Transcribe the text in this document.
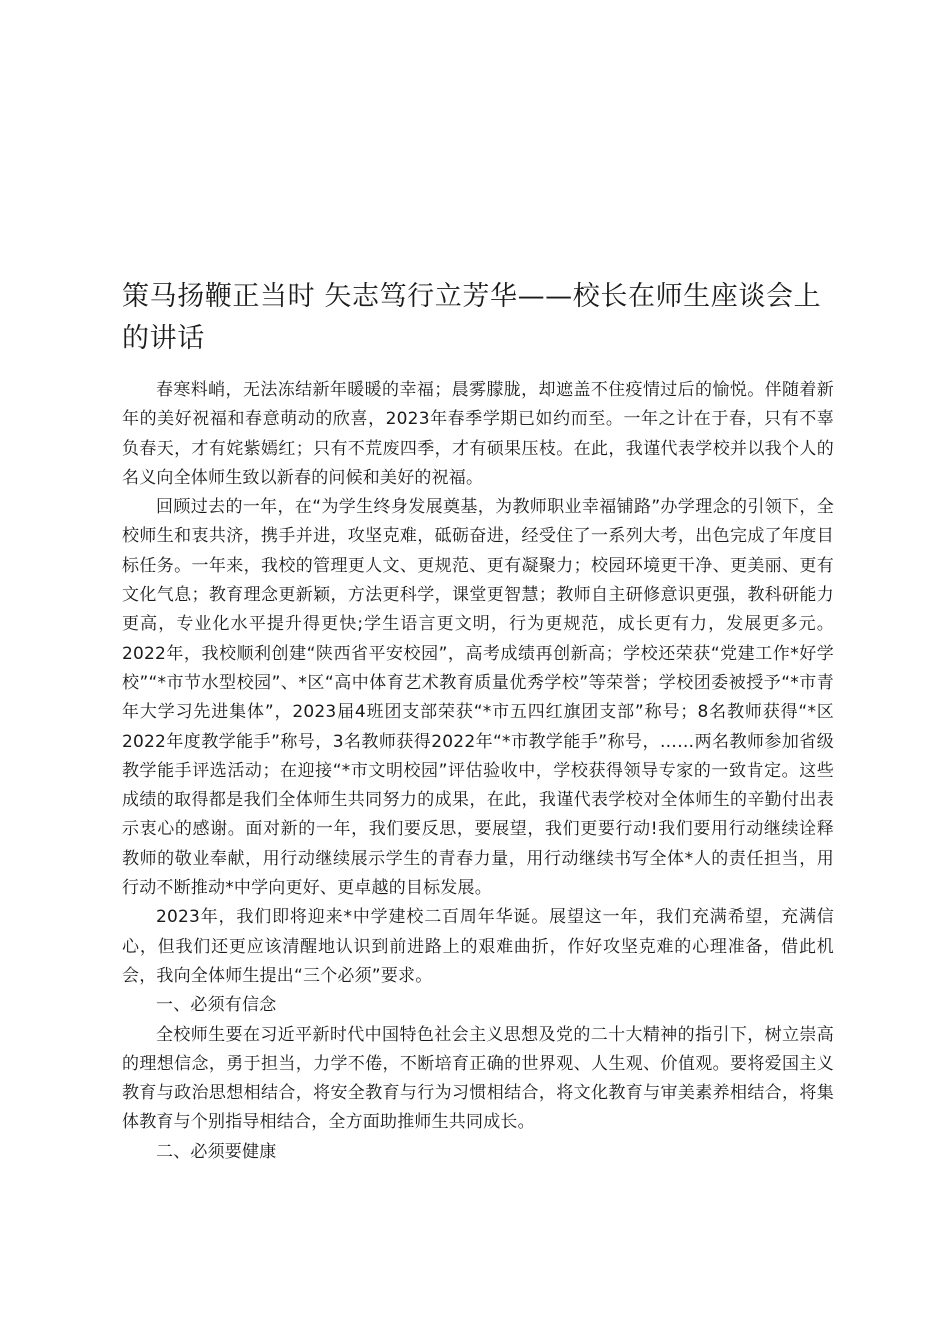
策马扬鞭正当时 矢志笃行立芳华——校长在师生座谈会上的讲话

春寒料峭，无法冻结新年暖暖的幸福；晨雾朦胧，却遮盖不住疫情过后的愉悦。伴随着新年的美好祝福和春意萌动的欣喜，2023年春季学期已如约而至。一年之计在于春，只有不辜负春天，才有姹紫嫣红；只有不荒废四季，才有硕果压枝。在此，我谨代表学校并以我个人的名义向全体师生致以新春的问候和美好的祝福。

回顾过去的一年，在“为学生终身发展奠基，为教师职业幸福铺路”办学理念的引领下，全校师生和衷共济，携手并进，攻坚克难，砥砺奋进，经受住了一系列大考，出色完成了年度目标任务。一年来，我校的管理更人文、更规范、更有凝聚力；校园环境更干净、更美丽、更有文化气息；教育理念更新颖，方法更科学，课堂更智慧；教师自主研修意识更强，教科研能力更高，专业化水平提升得更快;学生语言更文明，行为更规范，成长更有力，发展更多元。2022年，我校顺利创建“陕西省平安校园”，高考成绩再创新高；学校还荣获“党建工作*好学校”“*市节水型校园”、*区“高中体育艺术教育质量优秀学校”等荣誉；学校团委被授予“*市青年大学习先进集体”，2023届4班团支部荣获“*市五四红旗团支部”称号；8名教师获得“*区2022年度教学能手”称号，3名教师获得2022年“*市教学能手”称号，……两名教师参加省级教学能手评选活动；在迎接“*市文明校园”评估验收中，学校获得领导专家的一致肯定。这些成绩的取得都是我们全体师生共同努力的成果，在此，我谨代表学校对全体师生的辛勤付出表示衷心的感谢。面对新的一年，我们要反思，要展望，我们更要行动!我们要用行动继续诠释教师的敬业奉献，用行动继续展示学生的青春力量，用行动继续书写全体*人的责任担当，用行动不断推动*中学向更好、更卓越的目标发展。

2023年，我们即将迎来*中学建校二百周年华诞。展望这一年，我们充满希望，充满信心，但我们还更应该清醒地认识到前进路上的艰难曲折，作好攻坚克难的心理准备，借此机会，我向全体师生提出“三个必须”要求。

一、必须有信念

全校师生要在习近平新时代中国特色社会主义思想及党的二十大精神的指引下，树立崇高的理想信念，勇于担当，力学不倦，不断培育正确的世界观、人生观、价值观。要将爱国主义教育与政治思想相结合，将安全教育与行为习惯相结合，将文化教育与审美素养相结合，将集体教育与个别指导相结合，全方面助推师生共同成长。

二、必须要健康
